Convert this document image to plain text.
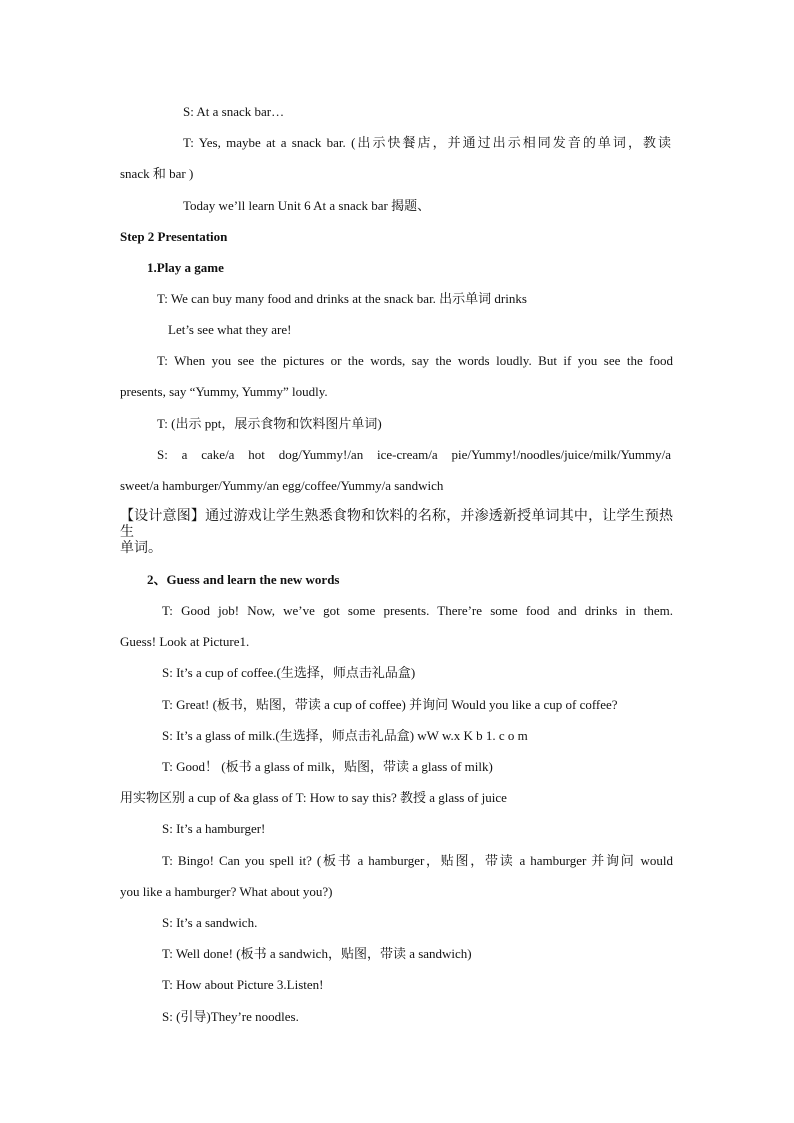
S: At a snack bar…
T: Yes, maybe at a snack bar. (出示快餐店，并通过出示相同发音的单词，教读
snack 和 bar )
Today we’ll learn Unit 6 At a snack bar 揭题、
Step 2 Presentation
1.Play a game
T: We can buy many food and drinks at the snack bar. 出示单词 drinks
Let’s see what they are!
T: When you see the pictures or the words, say the words loudly. But if you see the food
presents, say “Yummy, Yummy” loudly.
T: (出示 ppt，展示食物和饮料图片单词)
S: a cake/a hot dog/Yummy!/an ice-cream/a pie/Yummy!/noodles/juice/milk/Yummy/a
sweet/a hamburger/Yummy/an egg/coffee/Yummy/a sandwich
【设计意图】通过游戏让学生熟悉食物和饮料的名称，并渗透新授单词其中，让学生预热生
单词。
2、Guess and learn the new words
T: Good job! Now, we’ve got some presents. There’re some food and drinks in them.
Guess! Look at Picture1.
S: It’s a cup of coffee.(生选择，师点击礼品盒)
T: Great! (板书，贴图，带读 a cup of coffee) 并询问 Would you like a cup of coffee?
S: It’s a glass of milk.(生选择，师点击礼品盒) wW w.x K b 1. c o m
T: Good！ (板书 a glass of milk，贴图，带读 a glass of milk)
用实物区别 a cup of &a glass of T: How to say this? 教授 a glass of juice
S: It’s a hamburger!
T: Bingo! Can you spell it? (板书 a hamburger，贴图，带读 a hamburger 并询问 would
you like a hamburger? What about you?)
S: It’s a sandwich.
T: Well done! (板书 a sandwich，贴图，带读 a sandwich)
T: How about Picture 3.Listen!
S: (引导)They’re noodles.
